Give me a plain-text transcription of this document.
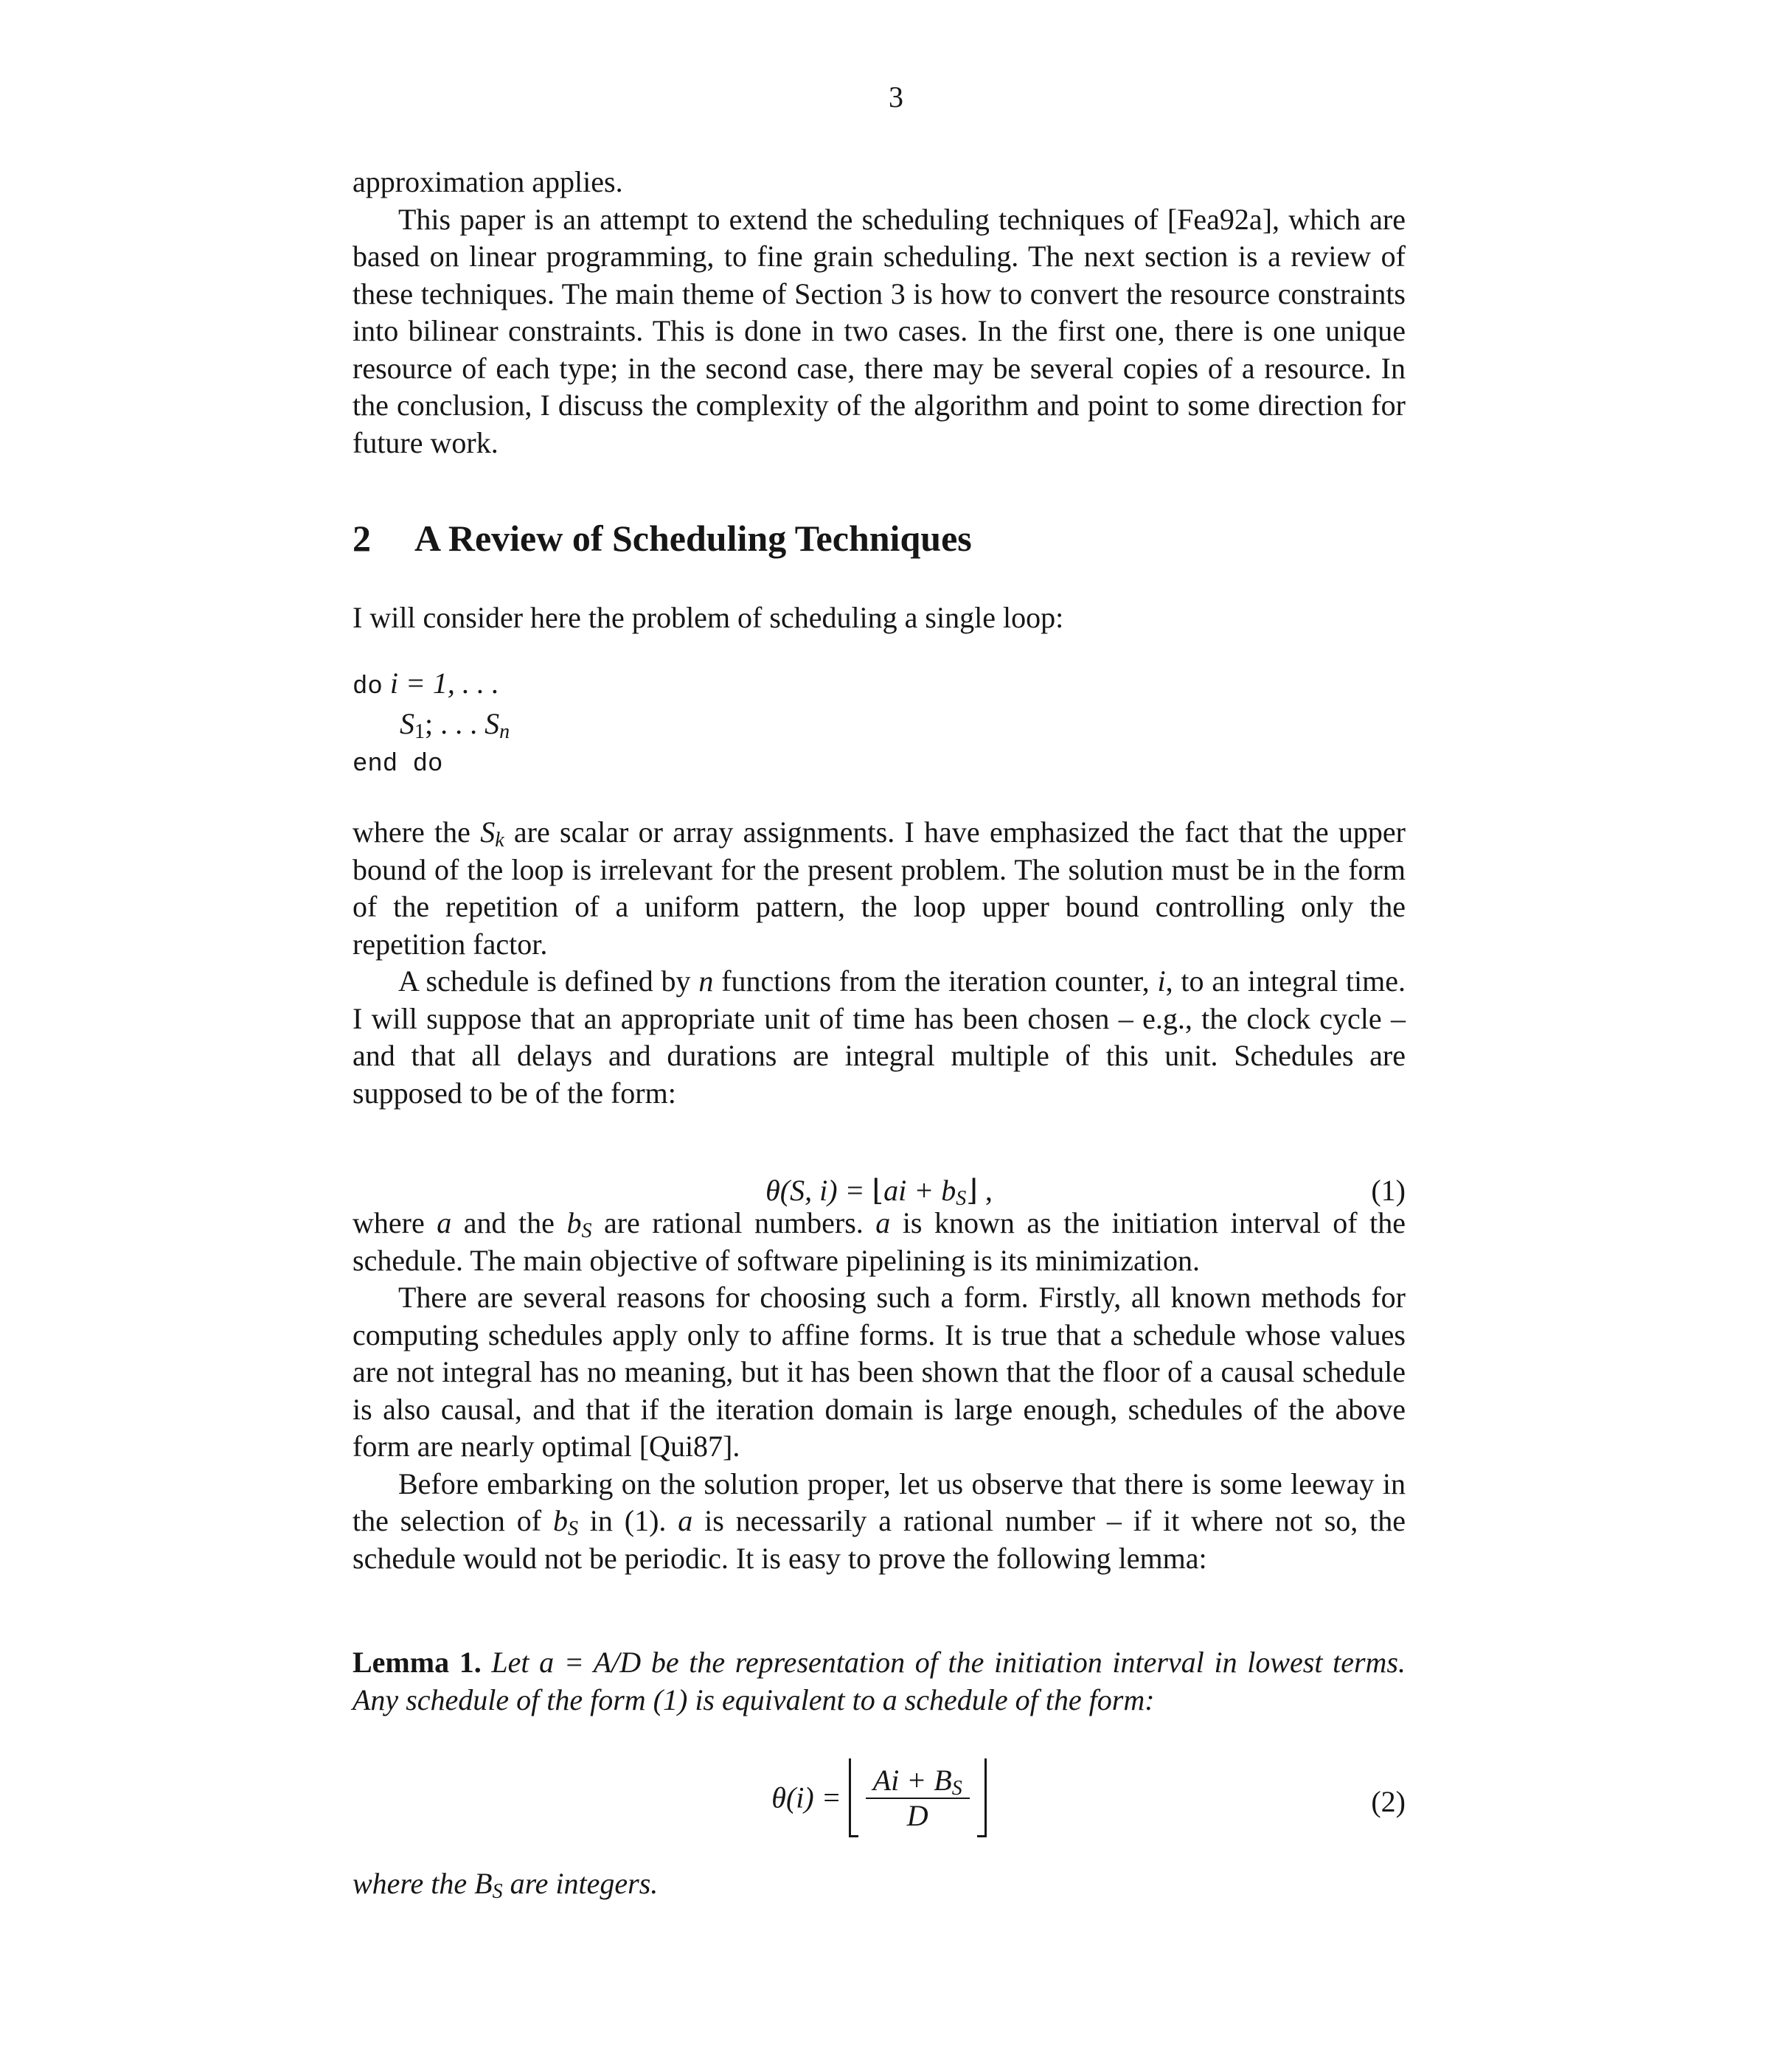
3

approximation applies.

This paper is an attempt to extend the scheduling techniques of [Fea92a], which are based on linear programming, to fine grain scheduling. The next section is a review of these techniques. The main theme of Section 3 is how to convert the resource constraints into bilinear constraints. This is done in two cases. In the first one, there is one unique resource of each type; in the second case, there may be several copies of a resource. In the conclusion, I discuss the complexity of the algorithm and point to some direction for future work.

2 A Review of Scheduling Techniques

I will consider here the problem of scheduling a single loop:

do i = 1, . . .
$S_1$; . . . $S_n$
end do

where the $S_k$ are scalar or array assignments. I have emphasized the fact that the upper bound of the loop is irrelevant for the present problem. The solution must be in the form of the repetition of a uniform pattern, the loop upper bound controlling only the repetition factor.

A schedule is defined by n functions from the iteration counter, i, to an integral time. I will suppose that an appropriate unit of time has been chosen – e.g., the clock cycle – and that all delays and durations are integral multiple of this unit. Schedules are supposed to be of the form:

θ(S, i) = ⌊ai + $b_S⌋$ ,	(1)

where a and the $b_S$ are rational numbers. a is known as the initiation interval of the schedule. The main objective of software pipelining is its minimization.

There are several reasons for choosing such a form. Firstly, all known methods for computing schedules apply only to affine forms. It is true that a schedule whose values are not integral has no meaning, but it has been shown that the floor of a causal schedule is also causal, and that if the iteration domain is large enough, schedules of the above form are nearly optimal [Qui87].

Before embarking on the solution proper, let us observe that there is some leeway in the selection of $b_S$ in (1). a is necessarily a rational number – if it where not so, the schedule would not be periodic. It is easy to prove the following lemma:

Lemma 1. Let a = A/D be the representation of the initiation interval in lowest terms. Any schedule of the form (1) is equivalent to a schedule of the form:

$\theta(i) = \frac{Ai + B_S}{D}$	(2)

where the $B_S$ are integers.
